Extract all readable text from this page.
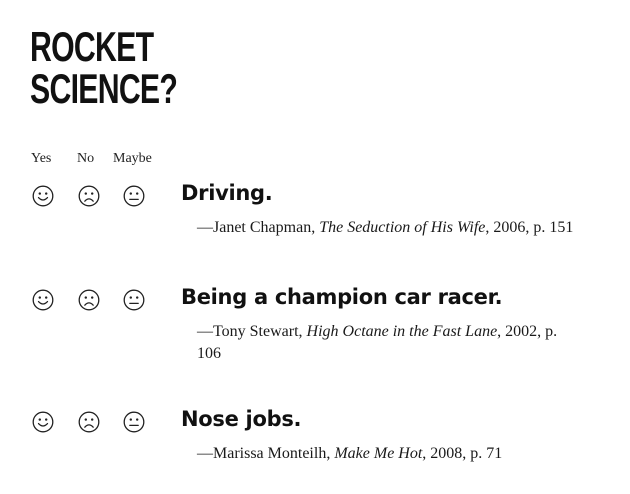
ROCKET
SCIENCE?
Yes No Maybe
Driving.

—Janet Chapman, The Seduction of His Wife, 2006, p. 151

Being a champion car racer.

—Tony Stewart, High Octane in the Fast Lane, 2002, p. 106

Nose jobs.

—Marissa Monteilh, Make Me Hot, 2008, p. 71
